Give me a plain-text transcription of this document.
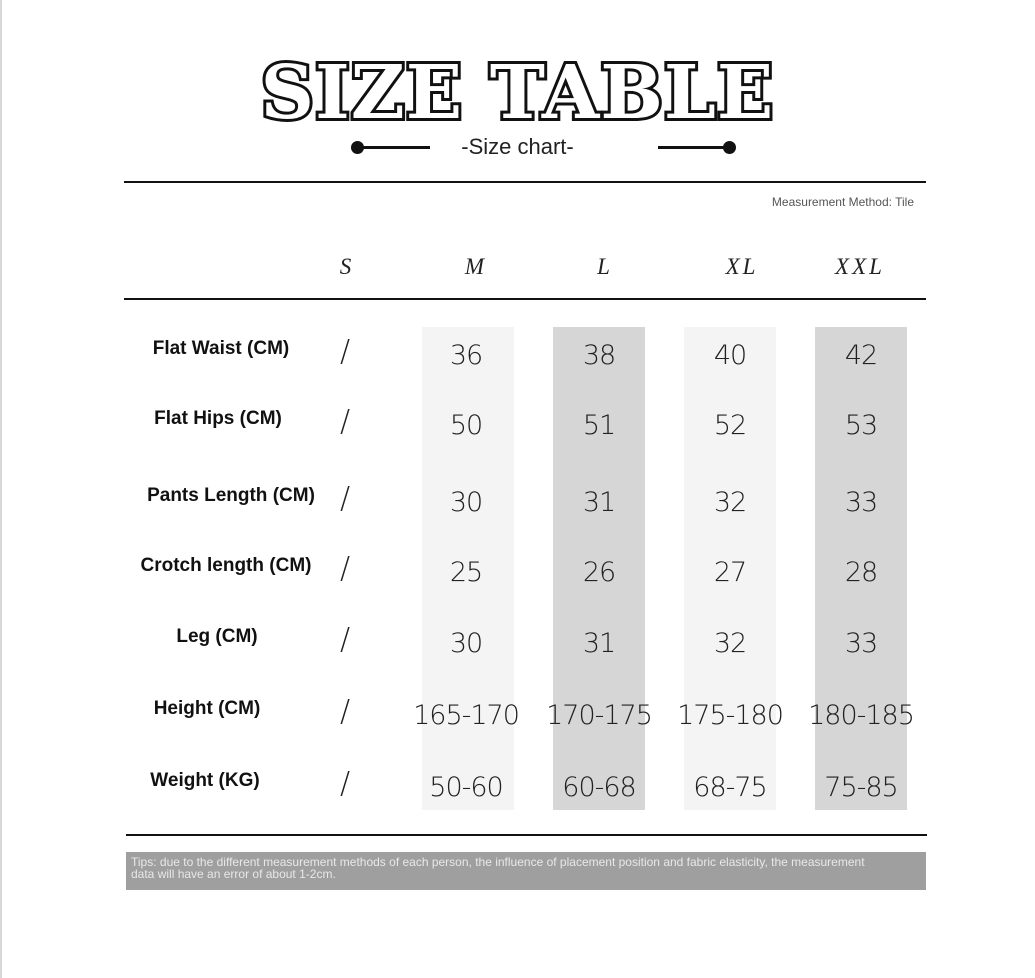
SIZE TABLE
-Size chart-
Measurement Method: Tile
S	M	L	XL	XXL
Flat Waist (CM)	/	36	38	40	42
Flat Hips (CM)	/	50	51	52	53
Pants Length (CM) /	30	31	32	33
Crotch length (CM) /	25	26	27	28
Leg (CM)	/	30	31	32	33
Height (CM)	/	165-170	170-175 175-180 180-185
Weight (KG)	/	50-60	60-68	68-75	75-85
Tips: due to the different measurement methods of each person, the influence of placement position and fabric elasticity, the measurement data will have an error of about 1-2cm.
